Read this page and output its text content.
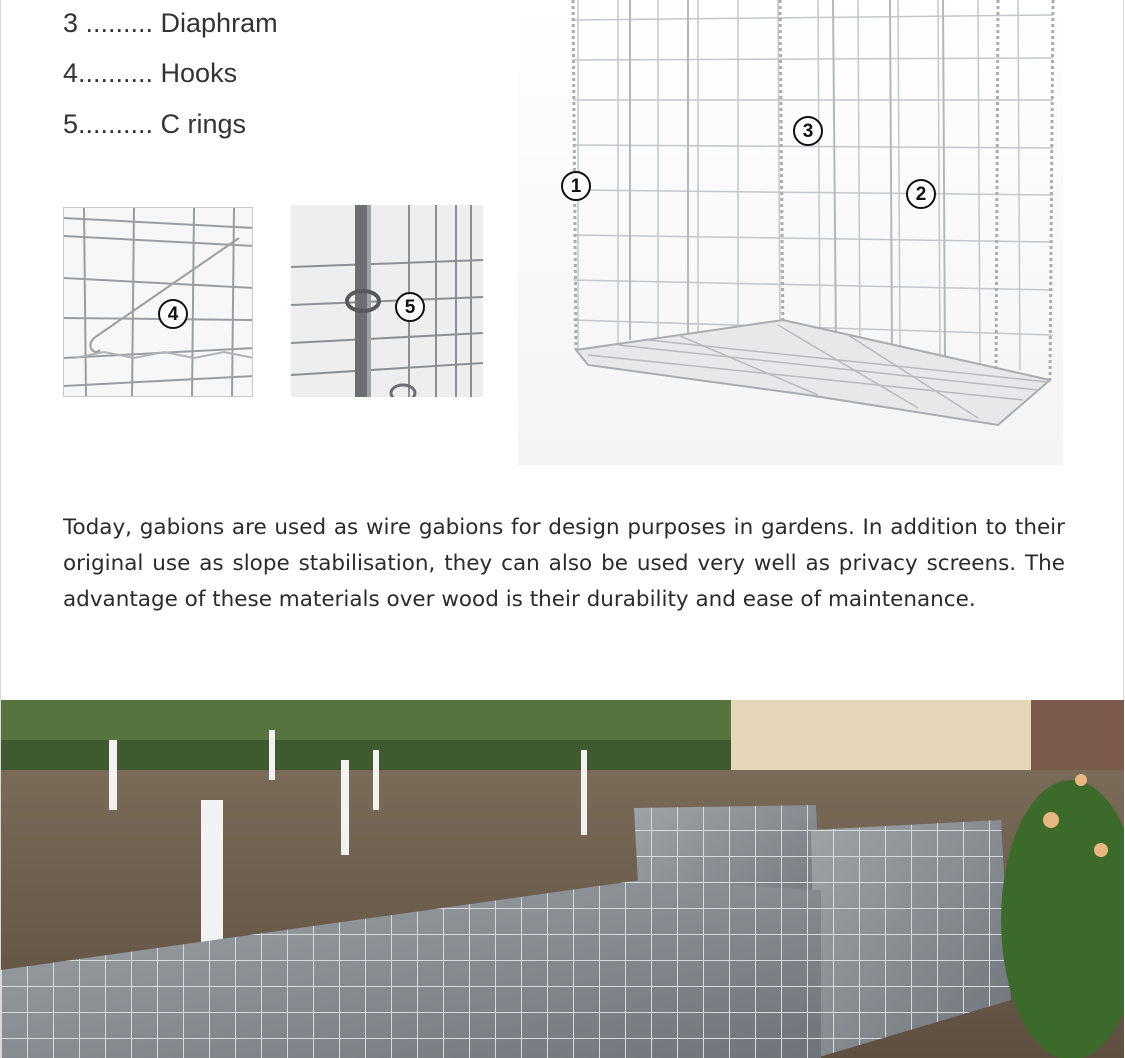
3 ......... Diaphram
4.......... Hooks
5.......... C rings
4	5
1
3
2

Today, gabions are used as wire gabions for design purposes in gardens. In addition to their original use as slope stabilisation, they can also be used very well as privacy screens. The advantage of these materials over wood is their durability and ease of maintenance.
